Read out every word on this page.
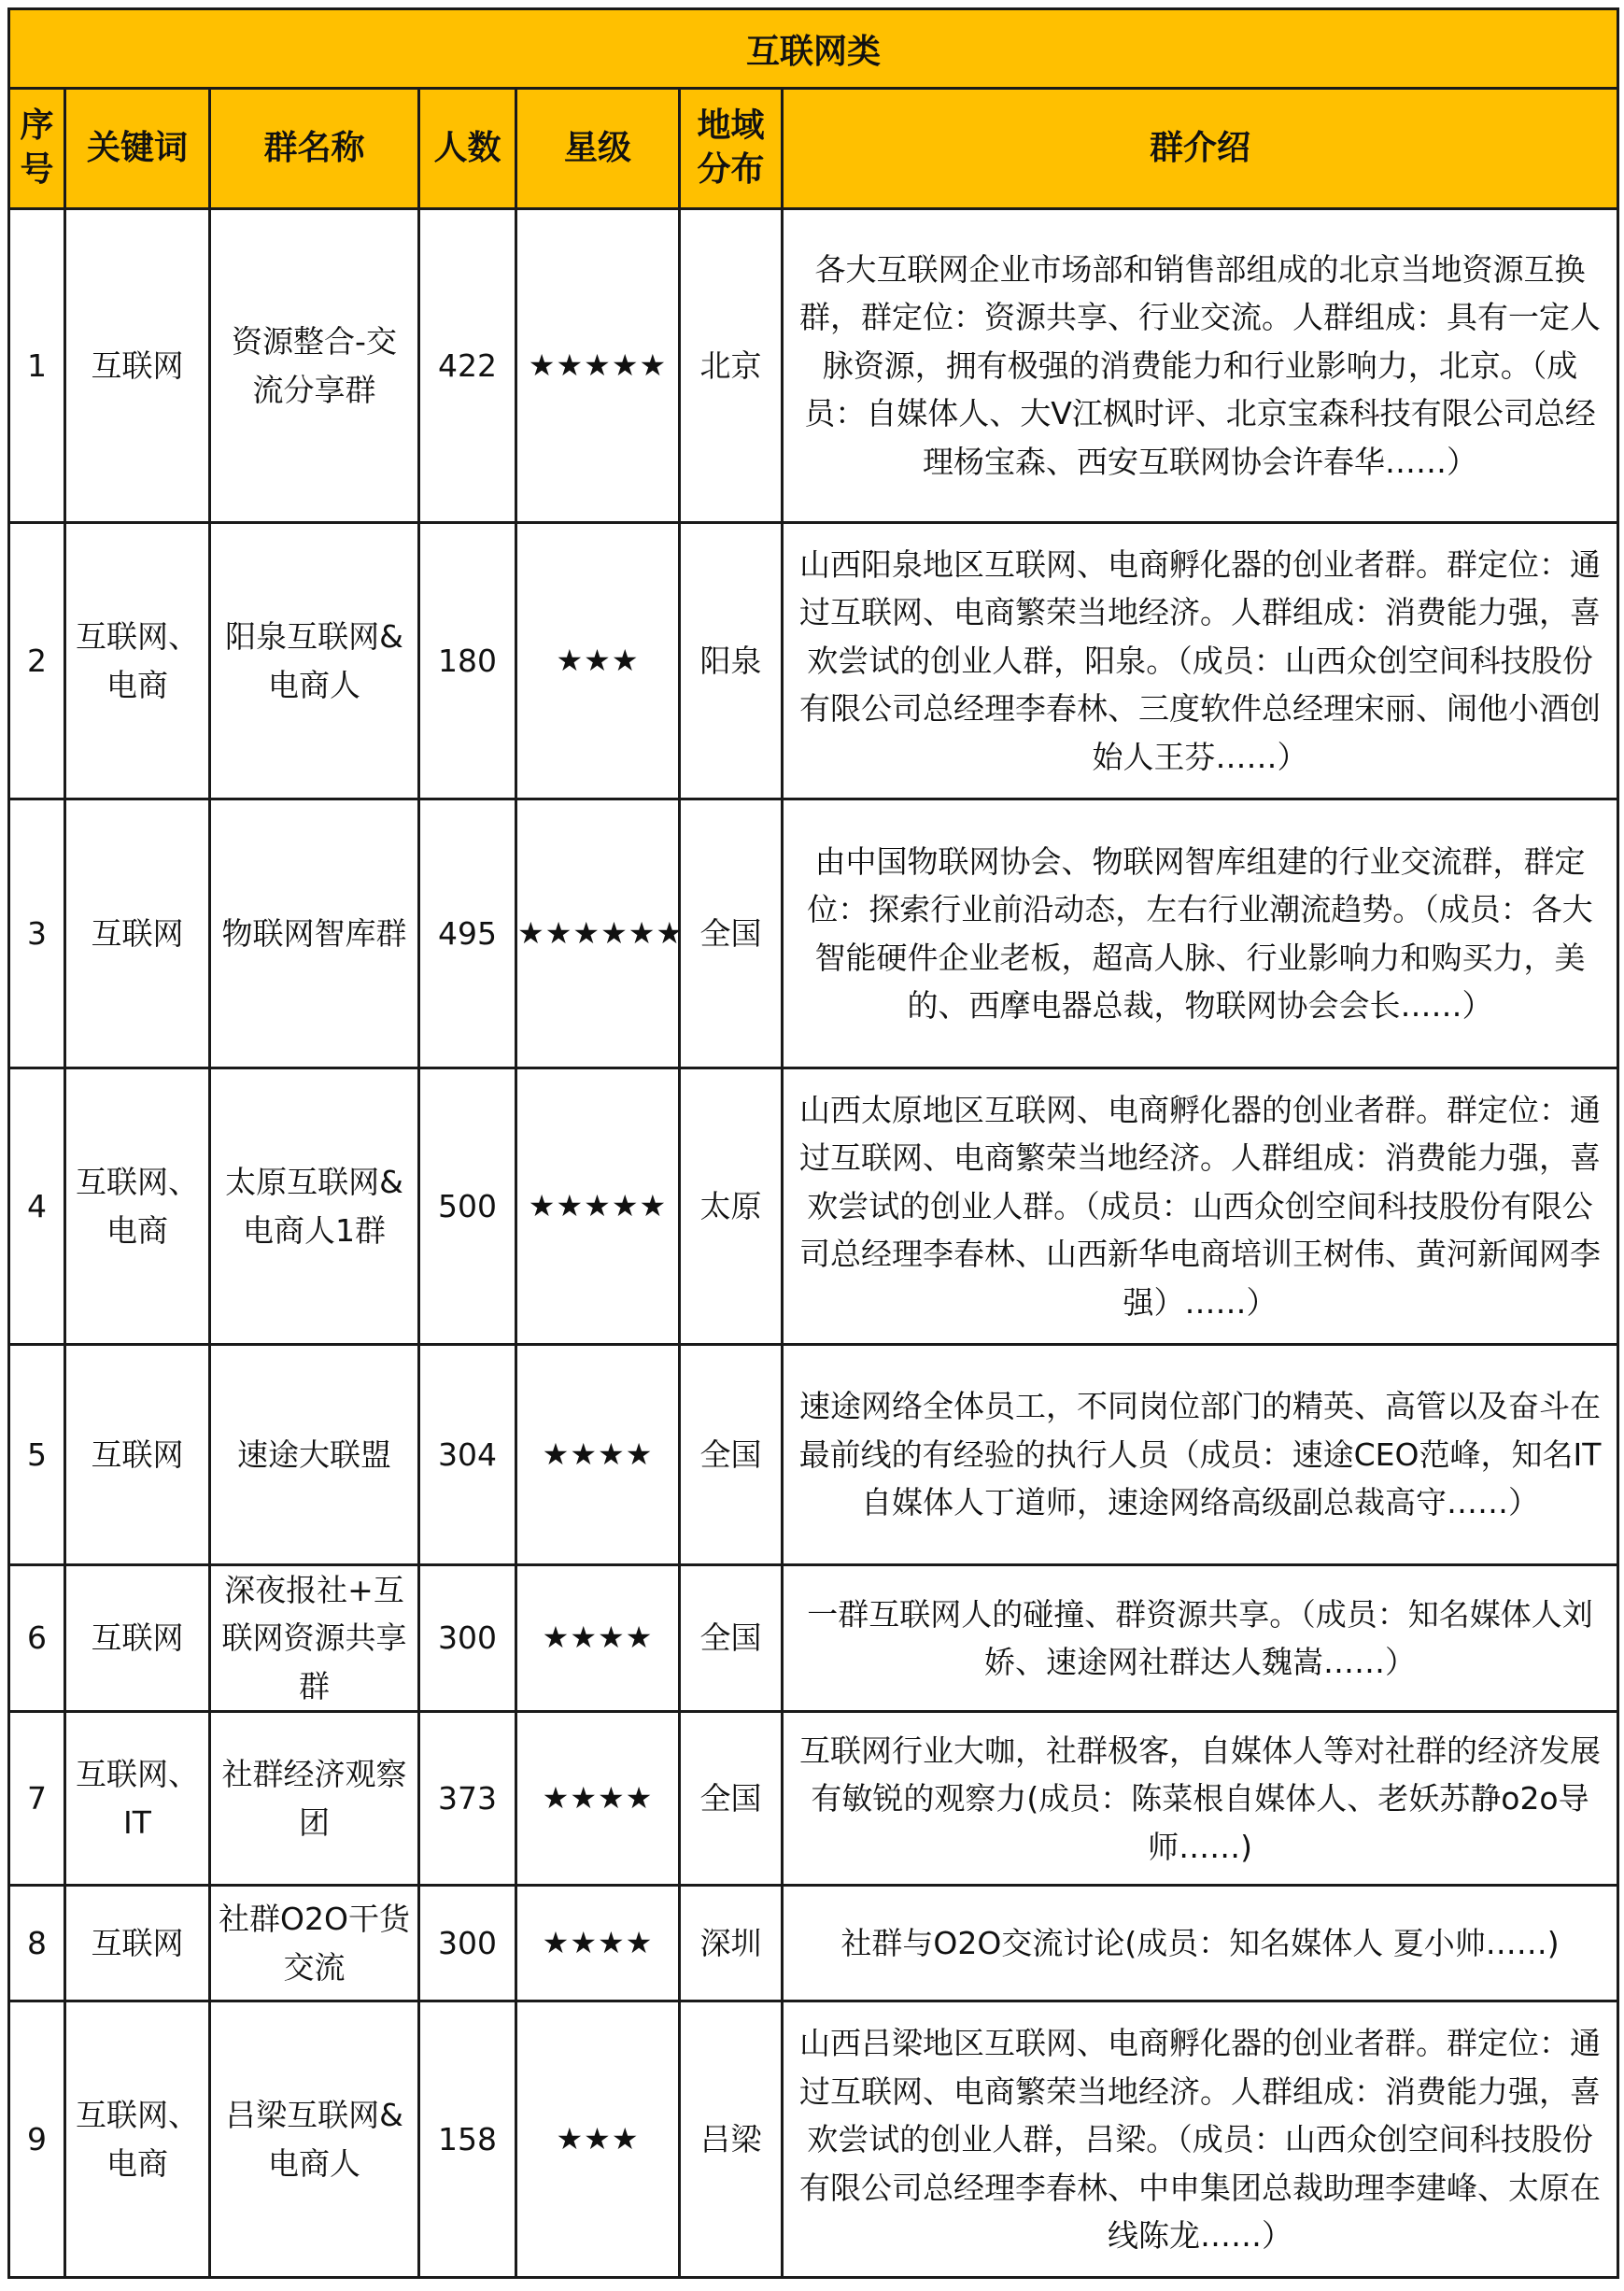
互联网类						
序号	关键词	群名称	人数	星级	地域分布	群介绍
1	互联网	资源整合-交流分享群	422	★★★★★	北京	各大互联网企业市场部和销售部组成的北京当地资源互换群，群定位：资源共享、行业交流。人群组成：具有一定人脉资源，拥有极强的消费能力和行业影响力，北京。（成员：自媒体人、大V江枫时评、北京宝森科技有限公司总经理杨宝森、西安互联网协会许春华……）
2	互联网、电商	阳泉互联网&电商人	180	★★★	阳泉	山西阳泉地区互联网、电商孵化器的创业者群。群定位：通过互联网、电商繁荣当地经济。人群组成：消费能力强，喜欢尝试的创业人群，阳泉。（成员：山西众创空间科技股份有限公司总经理李春林、三度软件总经理宋丽、闹他小酒创始人王芬……）
3	互联网	物联网智库群	495	★★★★★★	全国	由中国物联网协会、物联网智库组建的行业交流群，群定位：探索行业前沿动态，左右行业潮流趋势。（成员：各大智能硬件企业老板，超高人脉、行业影响力和购买力，美的、西摩电器总裁，物联网协会会长……）
4	互联网、电商	太原互联网&电商人1群	500	★★★★★	太原	山西太原地区互联网、电商孵化器的创业者群。群定位：通过互联网、电商繁荣当地经济。人群组成：消费能力强，喜欢尝试的创业人群。（成员：山西众创空间科技股份有限公司总经理李春林、山西新华电商培训王树伟、黄河新闻网李强）……）
5	互联网	速途大联盟	304	★★★★	全国	速途网络全体员工，不同岗位部门的精英、高管以及奋斗在最前线的有经验的执行人员（成员：速途CEO范峰，知名IT自媒体人丁道师，速途网络高级副总裁高守……）
6	互联网	深夜报社+互联网资源共享群	300	★★★★	全国	一群互联网人的碰撞、群资源共享。（成员：知名媒体人刘娇、速途网社群达人魏嵩……）
7	互联网、IT	社群经济观察团	373	★★★★	全国	互联网行业大咖，社群极客，自媒体人等对社群的经济发展有敏锐的观察力(成员：陈菜根自媒体人、老妖苏静o2o导师……)
8	互联网	社群O2O干货交流	300	★★★★	深圳	社群与O2O交流讨论(成员：知名媒体人 夏小帅……)
9	互联网、电商	吕梁互联网&电商人	158	★★★	吕梁	山西吕梁地区互联网、电商孵化器的创业者群。群定位：通过互联网、电商繁荣当地经济。人群组成：消费能力强，喜欢尝试的创业人群，吕梁。（成员：山西众创空间科技股份有限公司总经理李春林、中申集团总裁助理李建峰、太原在线陈龙……）
